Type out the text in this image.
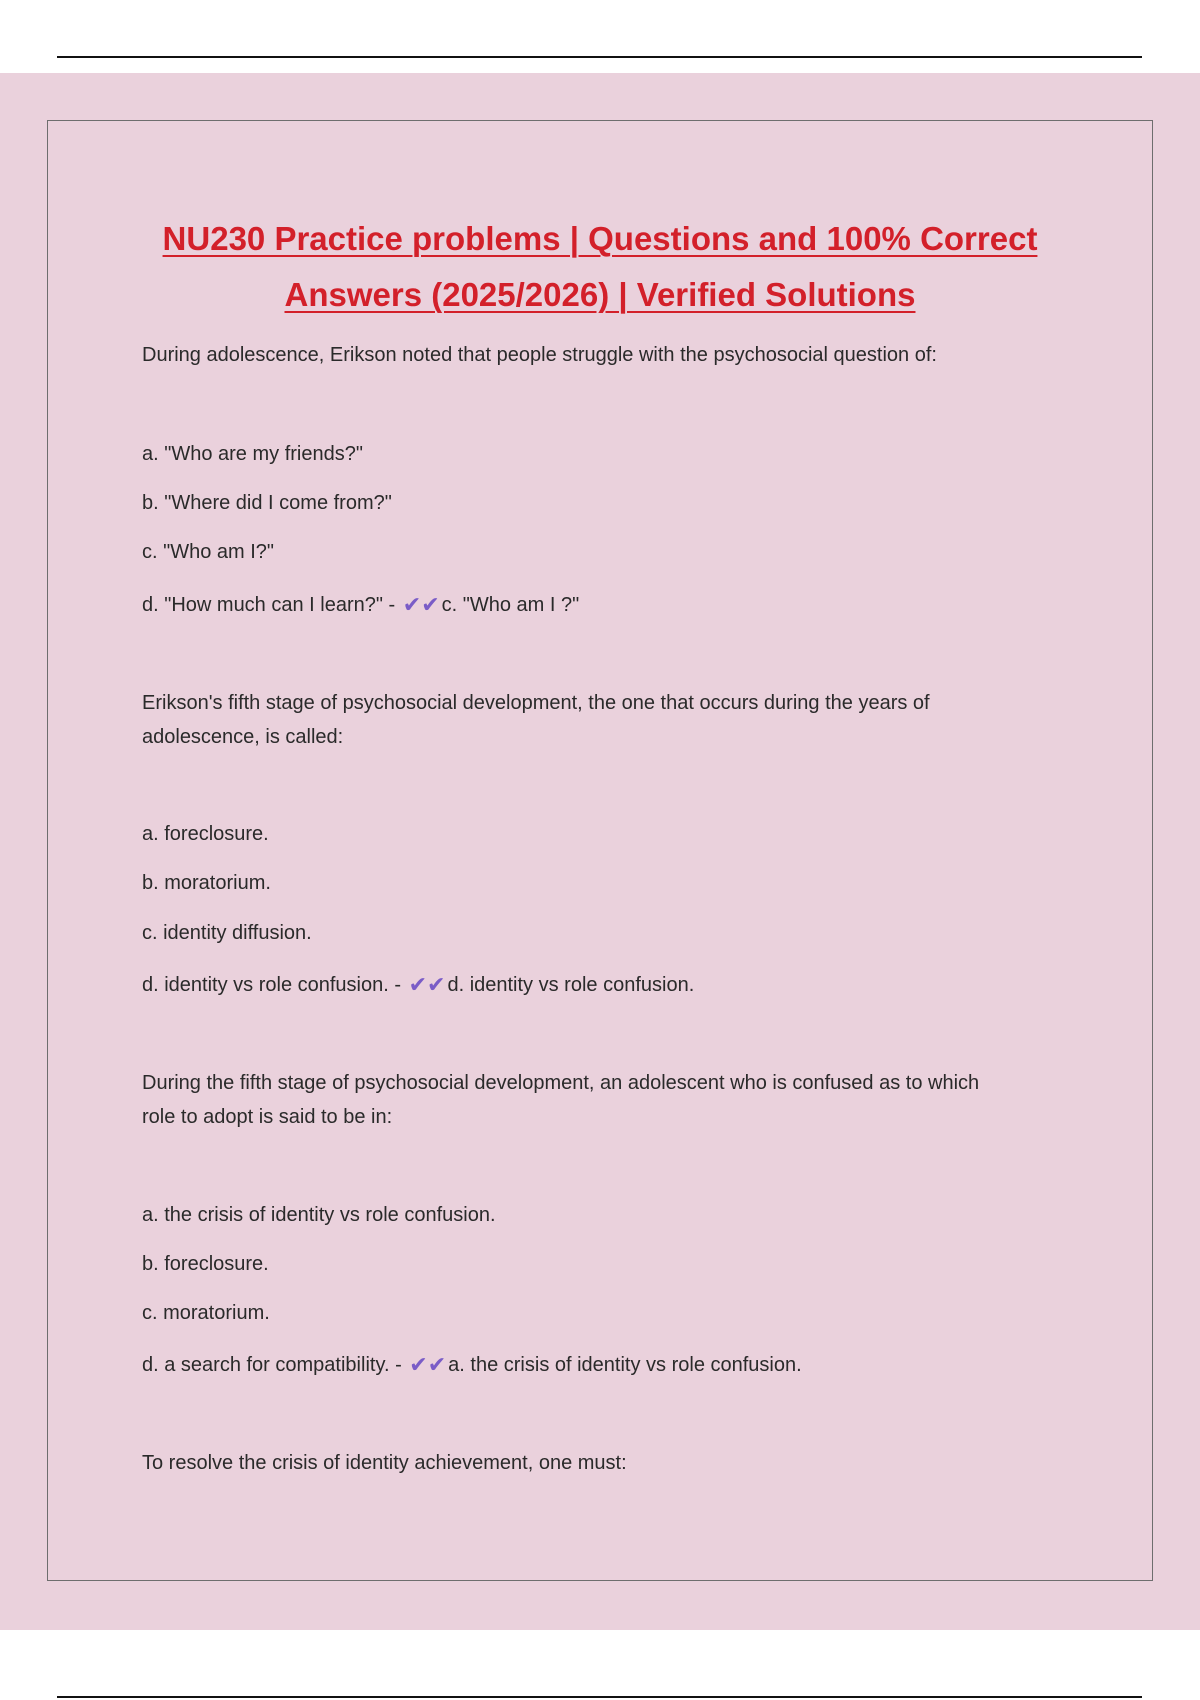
NU230 Practice problems | Questions and 100% Correct
Answers (2025/2026) | Verified Solutions
During adolescence, Erikson noted that people struggle with the psychosocial question of:
a. "Who are my friends?"
b. "Where did I come from?"
c. "Who am I?"
d. "How much can I learn?" - ✔✔ c. "Who am I ?"
Erikson's fifth stage of psychosocial development, the one that occurs during the years of
adolescence, is called:
a. foreclosure.
b. moratorium.
c. identity diffusion.
d. identity vs role confusion. - ✔✔ d. identity vs role confusion.
During the fifth stage of psychosocial development, an adolescent who is confused as to which
role to adopt is said to be in:
a. the crisis of identity vs role confusion.
b. foreclosure.
c. moratorium.
d. a search for compatibility. - ✔✔ a. the crisis of identity vs role confusion.
To resolve the crisis of identity achievement, one must:
